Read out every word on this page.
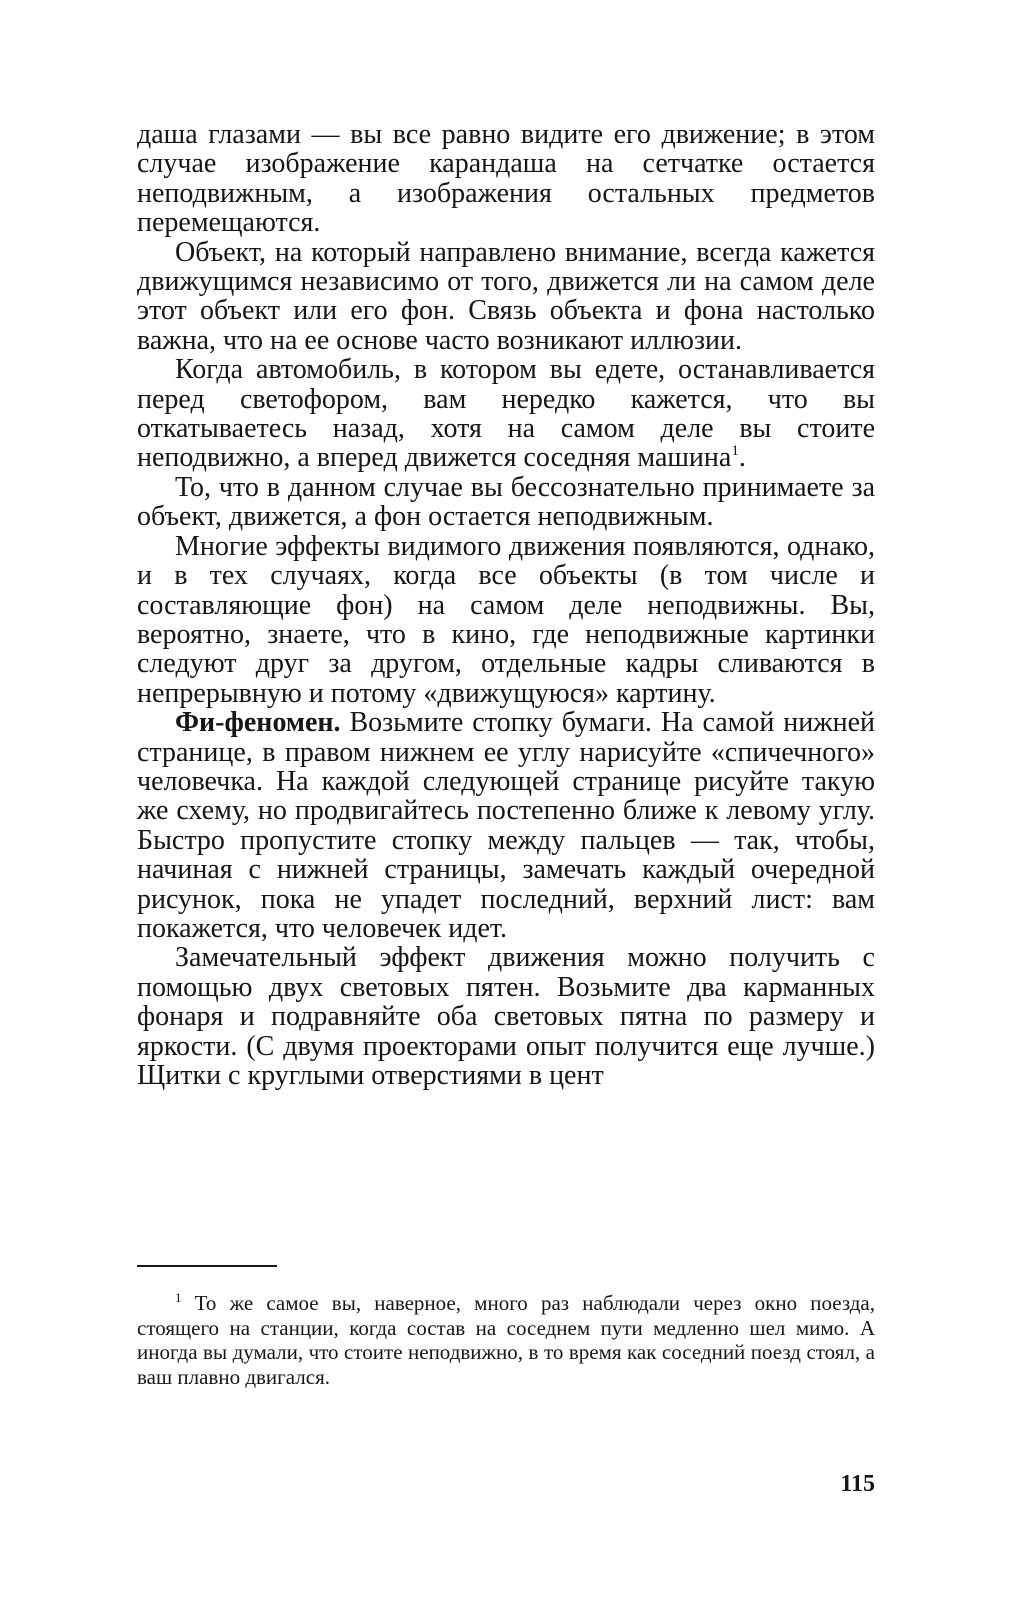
даша глазами — вы все равно видите его движение; в этом случае изображение карандаша на сетчатке остается неподвижным, а изображения остальных предметов перемещаются.

Объект, на который направлено внимание, всегда кажется движущимся независимо от того, движется ли на самом деле этот объект или его фон. Связь объекта и фона настолько важна, что на ее основе часто возникают иллюзии.

Когда автомобиль, в котором вы едете, останавливается перед светофором, вам нередко кажется, что вы откатываетесь назад, хотя на самом деле вы стоите неподвижно, а вперед движется соседняя машина$^1$.

То, что в данном случае вы бессознательно принимаете за объект, движется, а фон остается неподвижным.

Многие эффекты видимого движения появляются, однако, и в тех случаях, когда все объекты (в том числе и составляющие фон) на самом деле неподвижны. Вы, вероятно, знаете, что в кино, где неподвижные картинки следуют друг за другом, отдельные кадры сливаются в непрерывную и потому «движущуюся» картину.

Фи-феномен. Возьмите стопку бумаги. На самой нижней странице, в правом нижнем ее углу нарисуйте «спичечного» человечка. На каждой следующей странице рисуйте такую же схему, но продвигайтесь постепенно ближе к левому углу. Быстро пропустите стопку между пальцев — так, чтобы, начиная с нижней страницы, замечать каждый очередной рисунок, пока не упадет последний, верхний лист: вам покажется, что человечек идет.

Замечательный эффект движения можно получить с помощью двух световых пятен. Возьмите два карманных фонаря и подравняйте оба световых пятна по размеру и яркости. (С двумя проекторами опыт получится еще лучше.) Щитки с круглыми отверстиями в цент

$^1$ То же самое вы, наверное, много раз наблюдали через окно поезда, стоящего на станции, когда состав на соседнем пути медленно шел мимо. А иногда вы думали, что стоите неподвижно, в то время как соседний поезд стоял, а ваш плавно двигался.

115
